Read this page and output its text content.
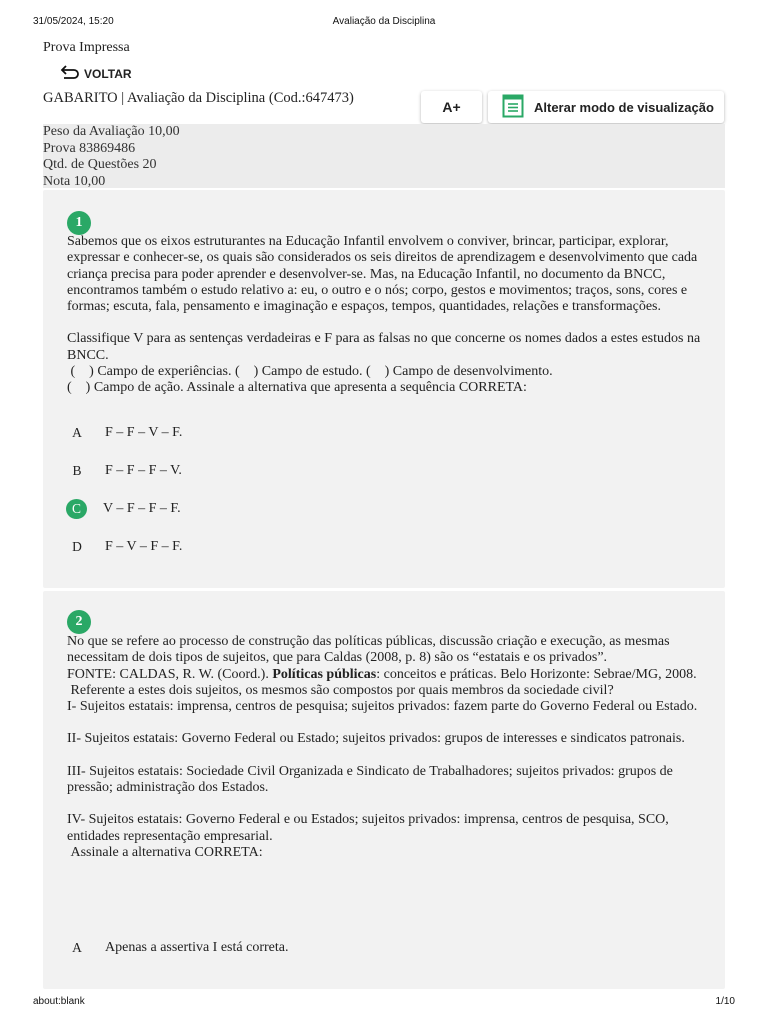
31/05/2024, 15:20	Avaliação da Disciplina
Prova Impressa
VOLTAR
GABARITO | Avaliação da Disciplina (Cod.:647473)
A+	Alterar modo de visualização
Peso da Avaliação 10,00
Prova 83869486
Qtd. de Questões 20
Nota 10,00
1

Sabemos que os eixos estruturantes na Educação Infantil envolvem o conviver, brincar, participar, explorar, expressar e conhecer-se, os quais são considerados os seis direitos de aprendizagem e desenvolvimento que cada criança precisa para poder aprender e desenvolver-se. Mas, na Educação Infantil, no documento da BNCC, encontramos também o estudo relativo a: eu, o outro e o nós; corpo, gestos e movimentos; traços, sons, cores e formas; escuta, fala, pensamento e imaginação e espaços, tempos, quantidades, relações e transformações.

Classifique V para as sentenças verdadeiras e F para as falsas no que concerne os nomes dados a estes estudos na BNCC.

(    ) Campo de experiências. (    ) Campo de estudo. (    ) Campo de desenvolvimento.

(    ) Campo de ação. Assinale a alternativa que apresenta a sequência CORRETA:

A	F – F – V – F.
B	F – F – F – V.
C	V – F – F – F.
D	F – V – F – F.
2

No que se refere ao processo de construção das políticas públicas, discussão criação e execução, as mesmas necessitam de dois tipos de sujeitos, que para Caldas (2008, p. 8) são os “estatais e os privados”.

FONTE: CALDAS, R. W. (Coord.). Políticas públicas: conceitos e práticas. Belo Horizonte: Sebrae/MG, 2008.

Referente a estes dois sujeitos, os mesmos são compostos por quais membros da sociedade civil?

I- Sujeitos estatais: imprensa, centros de pesquisa; sujeitos privados: fazem parte do Governo Federal ou Estado.

II- Sujeitos estatais: Governo Federal ou Estado; sujeitos privados: grupos de interesses e sindicatos patronais.

III- Sujeitos estatais: Sociedade Civil Organizada e Sindicato de Trabalhadores; sujeitos privados: grupos de pressão; administração dos Estados.

IV- Sujeitos estatais: Governo Federal e ou Estados; sujeitos privados: imprensa, centros de pesquisa, SCO, entidades representação empresarial.

Assinale a alternativa CORRETA:

A	Apenas a assertiva I está correta.
about:blank	1/10
